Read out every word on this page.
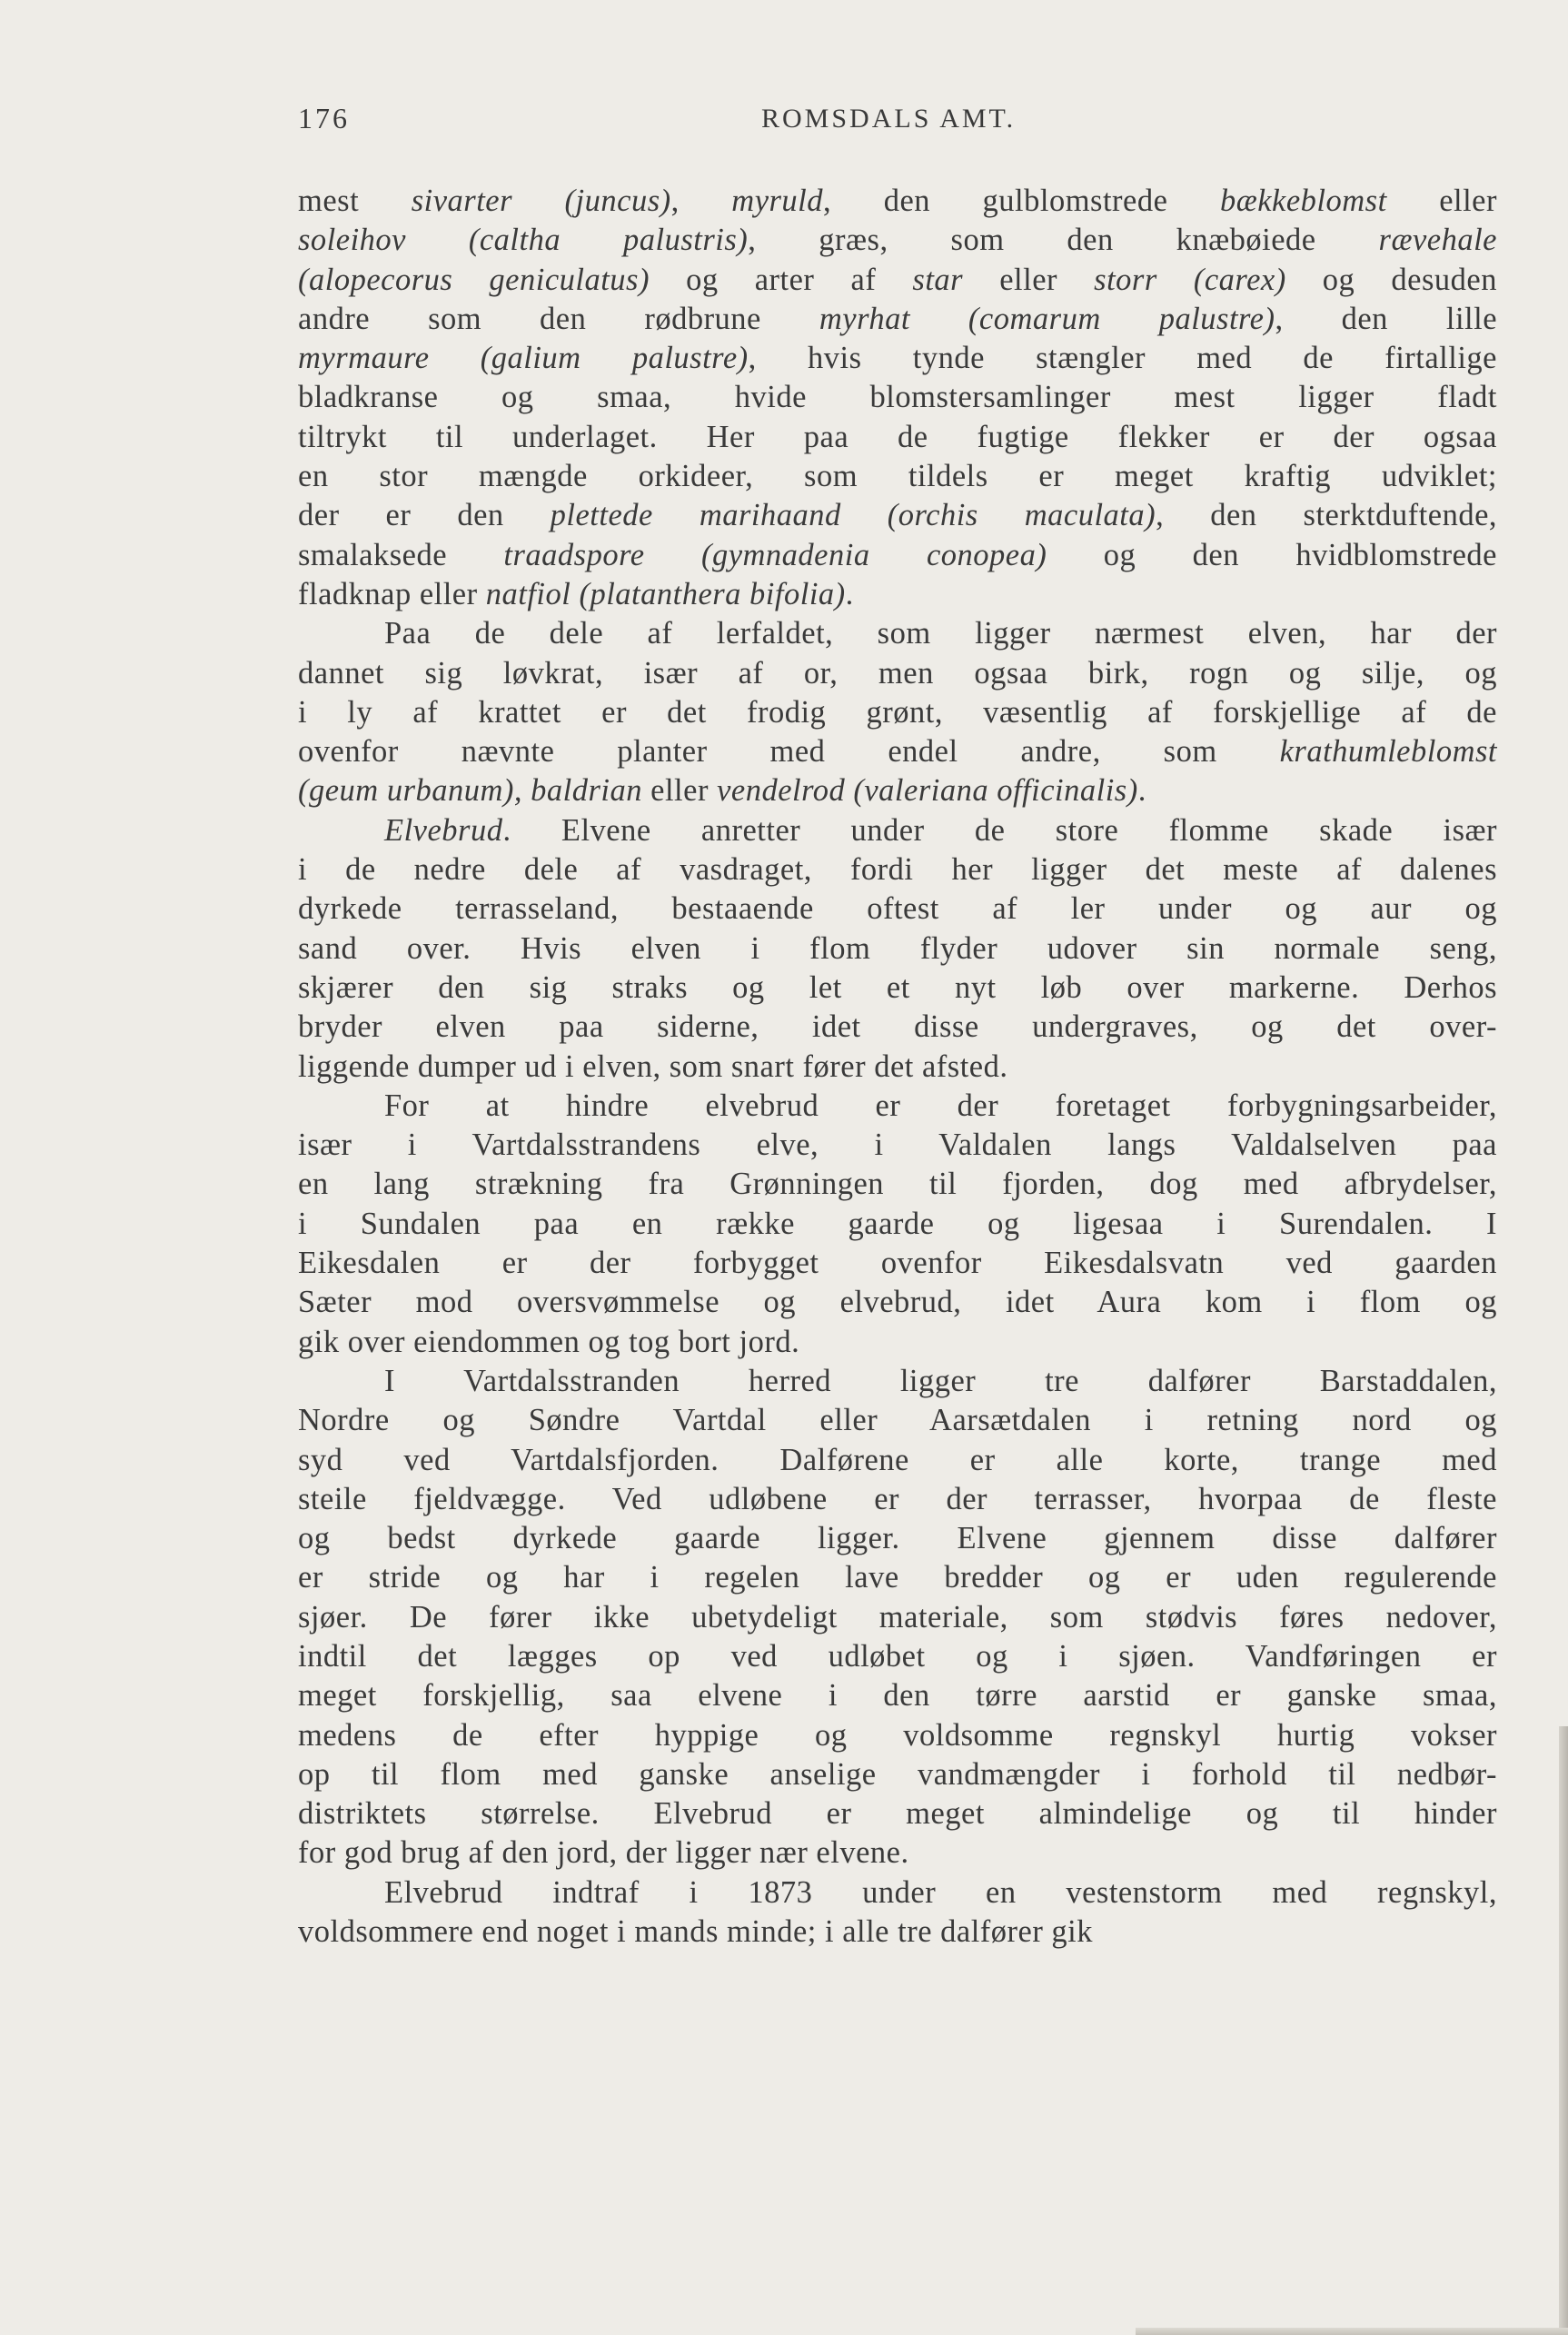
176	ROMSDALS AMT.
mest sivarter (juncus), myruld, den gulblomstrede bækkeblomst eller
soleihov (caltha palustris), græs, som den knæbøiede rævehale
(alopecorus geniculatus) og arter af star eller storr (carex) og desuden
andre som den rødbrune myrhat (comarum palustre), den lille
myrmaure (galium palustre), hvis tynde stængler med de firtallige
bladkranse og smaa, hvide blomstersamlinger mest ligger fladt
tiltrykt til underlaget. Her paa de fugtige flekker er der ogsaa
en stor mængde orkideer, som tildels er meget kraftig udviklet;
der er den plettede marihaand (orchis maculata), den sterktduftende,
smalaksede traadspore (gymnadenia conopea) og den hvidblomstrede
fladknap eller natfiol (platanthera bifolia).
Paa de dele af lerfaldet, som ligger nærmest elven, har der
dannet sig løvkrat, især af or, men ogsaa birk, rogn og silje, og
i ly af krattet er det frodig grønt, væsentlig af forskjellige af de
ovenfor nævnte planter med endel andre, som krathumleblomst
(geum urbanum), baldrian eller vendelrod (valeriana officinalis).
Elvebrud. Elvene anretter under de store flomme skade især
i de nedre dele af vasdraget, fordi her ligger det meste af dalenes
dyrkede terrasseland, bestaaende oftest af ler under og aur og
sand over. Hvis elven i flom flyder udover sin normale seng,
skjærer den sig straks og let et nyt løb over markerne. Derhos
bryder elven paa siderne, idet disse undergraves, og det over-
liggende dumper ud i elven, som snart fører det afsted.
For at hindre elvebrud er der foretaget forbygningsarbeider,
især i Vartdalsstrandens elve, i Valdalen langs Valdalselven paa
en lang strækning fra Grønningen til fjorden, dog med afbrydelser,
i Sundalen paa en række gaarde og ligesaa i Surendalen. I
Eikesdalen er der forbygget ovenfor Eikesdalsvatn ved gaarden
Sæter mod oversvømmelse og elvebrud, idet Aura kom i flom og
gik over eiendommen og tog bort jord.
I Vartdalsstranden herred ligger tre dalfører Barstaddalen,
Nordre og Søndre Vartdal eller Aarsætdalen i retning nord og
syd ved Vartdalsfjorden. Dalførene er alle korte, trange med
steile fjeldvægge. Ved udløbene er der terrasser, hvorpaa de fleste
og bedst dyrkede gaarde ligger. Elvene gjennem disse dalfører
er stride og har i regelen lave bredder og er uden regulerende
sjøer. De fører ikke ubetydeligt materiale, som stødvis føres nedover,
indtil det lægges op ved udløbet og i sjøen. Vandføringen er
meget forskjellig, saa elvene i den tørre aarstid er ganske smaa,
medens de efter hyppige og voldsomme regnskyl hurtig vokser
op til flom med ganske anselige vandmængder i forhold til nedbør-
distriktets størrelse. Elvebrud er meget almindelige og til hinder
for god brug af den jord, der ligger nær elvene.
Elvebrud indtraf i 1873 under en vestenstorm med regnskyl,
voldsommere end noget i mands minde; i alle tre dalfører gik
